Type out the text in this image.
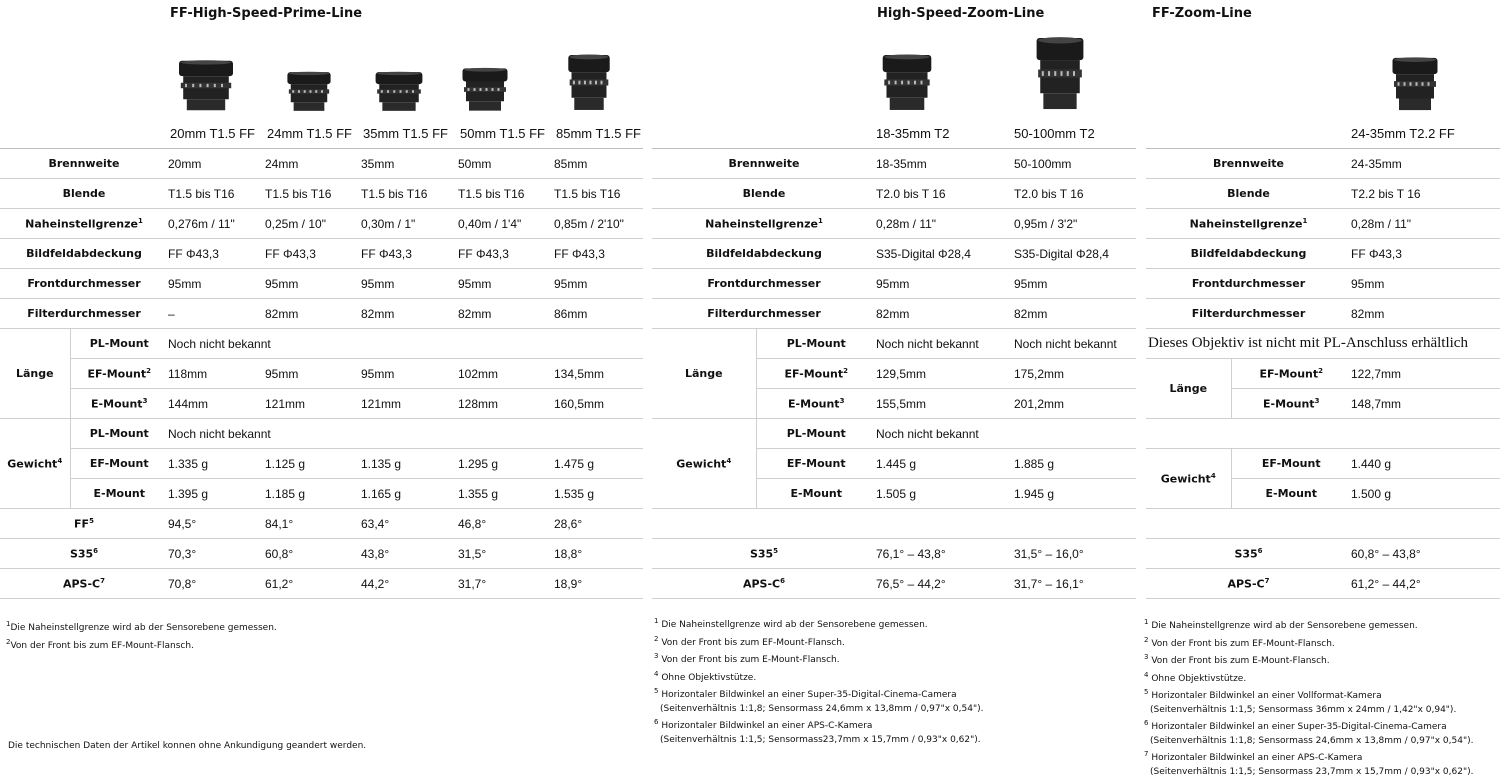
FF-High-Speed-Prime-Line	High-Speed-Zoom-Line	FF-Zoom-Line
20mm T1.5 FF 24mm T1.5 FF 35mm T1.5 FF 50mm T1.5 FF 85mm T1.5 FF	18-35mm T2	50-100mm T2	24-35mm T2.2 FF
Brennweite		20mm	24mm	35mm	50mm	85mm
Blende		T1.5 bis T16	T1.5 bis T16	T1.5 bis T16	T1.5 bis T16	T1.5 bis T16
Naheinstellgrenze$^1$		0,276m / 11"	0,25m / 10"	0,30m / 1"	0,40m / 1'4"	0,85m / 2'10"
Bildfeldabdeckung		FF Φ43,3	FF Φ43,3	FF Φ43,3	FF Φ43,3	FF Φ43,3
Frontdurchmesser		95mm	95mm	95mm	95mm	95mm
Filterdurchmesser		–	82mm	82mm	82mm	86mm
Länge	PL-Mount	Noch nicht bekannt				
	EF-Mount$^2$	118mm	95mm	95mm	102mm	134,5mm
	E-Mount$^3$	144mm	121mm	121mm	128mm	160,5mm
Gewicht$^4$	PL-Mount	Noch nicht bekannt				
	EF-Mount	1.335 g	1.125 g	1.135 g	1.295 g	1.475 g
	E-Mount	1.395 g	1.185 g	1.165 g	1.355 g	1.535 g
$FF^5$		94,5°	84,1°	63,4°	46,8°	28,6°
$S35^6$		70,3°	60,8°	43,8°	31,5°	18,8°
APS-$C^7$		70,8°	61,2°	44,2°	31,7°	18,9°
Brennweite		18-35mm	50-100mm
Blende		T2.0 bis T 16	T2.0 bis T 16
Naheinstellgrenze$^1$		0,28m / 11"	0,95m / 3'2"
Bildfeldabdeckung		S35-Digital Φ28,4	S35-Digital Φ28,4
Frontdurchmesser		95mm	95mm
Filterdurchmesser		82mm	82mm
Länge	PL-Mount	Noch nicht bekannt	Noch nicht bekannt
	EF-Mount$^2$	129,5mm	175,2mm
	E-Mount$^3$	155,5mm	201,2mm
Gewicht$^4$	PL-Mount	Noch nicht bekannt	
	EF-Mount	1.445 g	1.885 g
	E-Mount	1.505 g	1.945 g

$S35^5$		76,1° – 43,8°	31,5° – 16,0°
APS-$C^6$		76,5° – 44,2°	31,7° – 16,1°
Brennweite		24-35mm
Blende		T2.2 bis T 16
Naheinstellgrenze$^1$		0,28m / 11"
Bildfeldabdeckung		FF Φ43,3
Frontdurchmesser		95mm
Filterdurchmesser		82mm
Dieses Objektiv ist nicht mit PL-Anschluss erhältlich		
Länge	EF-Mount$^2$	122,7mm
	E-Mount$^3$	148,7mm

Gewicht$^4$	EF-Mount	1.440 g
	E-Mount	1.500 g

$S35^6$		60,8° – 43,8°
APS-$C^7$		61,2° – 44,2°
$^1$Die Naheinstellgrenze wird ab der Sensorebene gemessen.
$^2$Von der Front bis zum EF-Mount-Flansch.
$^1$ Die Naheinstellgrenze wird ab der Sensorebene gemessen.
$^2$ Von der Front bis zum EF-Mount-Flansch.
$^3$ Von der Front bis zum E-Mount-Flansch.
$^4$ Ohne Objektivstütze.
$^5$ Horizontaler Bildwinkel an einer Super-35-Digital-Cinema-Camera
(Seitenverhältnis 1:1,8; Sensormass 24,6mm x 13,8mm / 0,97"x 0,54").
$^6$ Horizontaler Bildwinkel an einer APS-C-Kamera
(Seitenverhältnis 1:1,5; Sensormass23,7mm x 15,7mm / 0,93"x 0,62").
$^1$ Die Naheinstellgrenze wird ab der Sensorebene gemessen.
$^2$ Von der Front bis zum EF-Mount-Flansch.
$^3$ Von der Front bis zum E-Mount-Flansch.
$^4$ Ohne Objektivstütze.
$^5$ Horizontaler Bildwinkel an einer Vollformat-Kamera
(Seitenverhältnis 1:1,5; Sensormass 36mm x 24mm / 1,42"x 0,94").
$^6$ Horizontaler Bildwinkel an einer Super-35-Digital-Cinema-Camera
(Seitenverhältnis 1:1,8; Sensormass 24,6mm x 13,8mm / 0,97"x 0,54").
$^7$ Horizontaler Bildwinkel an einer APS-C-Kamera
(Seitenverhältnis 1:1,5; Sensormass 23,7mm x 15,7mm / 0,93"x 0,62").
Die technischen Daten der Artikel konnen ohne Ankundigung geandert werden.
